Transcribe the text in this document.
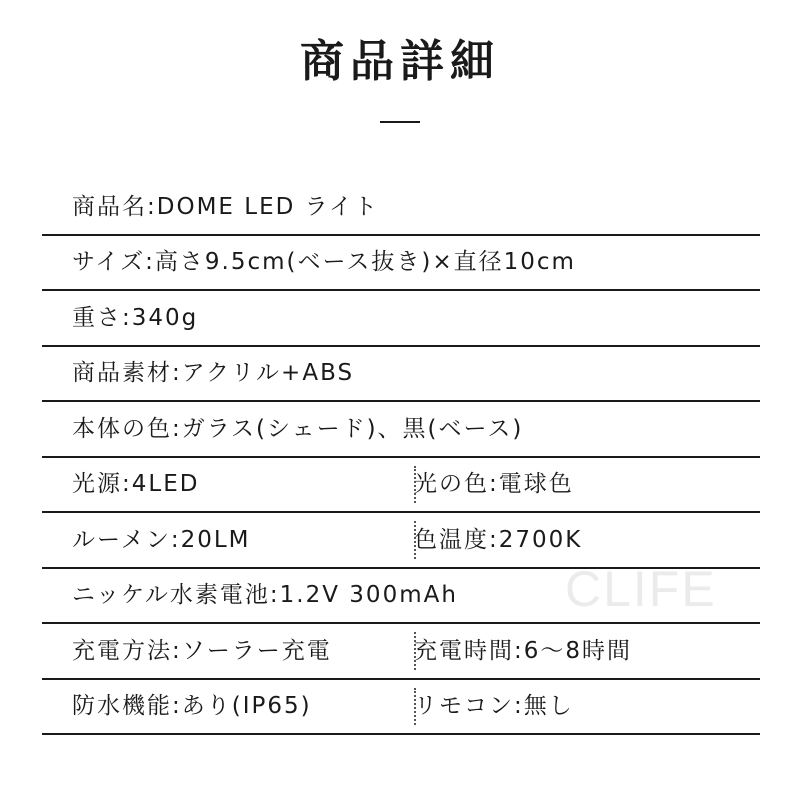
商品詳細
商品名:DOME LED ライト
サイズ:高さ9.5cm(ベース抜き)×直径10cm
重さ:340g
商品素材:アクリル+ABS
本体の色:ガラス(シェード)、黒(ベース)
光源:4LED	光の色:電球色
ルーメン:20LM	色温度:2700K
ニッケル水素電池:1.2V 300mAh
充電方法:ソーラー充電	充電時間:6〜8時間
防水機能:あり(IP65)	リモコン:無し
CLIFE
